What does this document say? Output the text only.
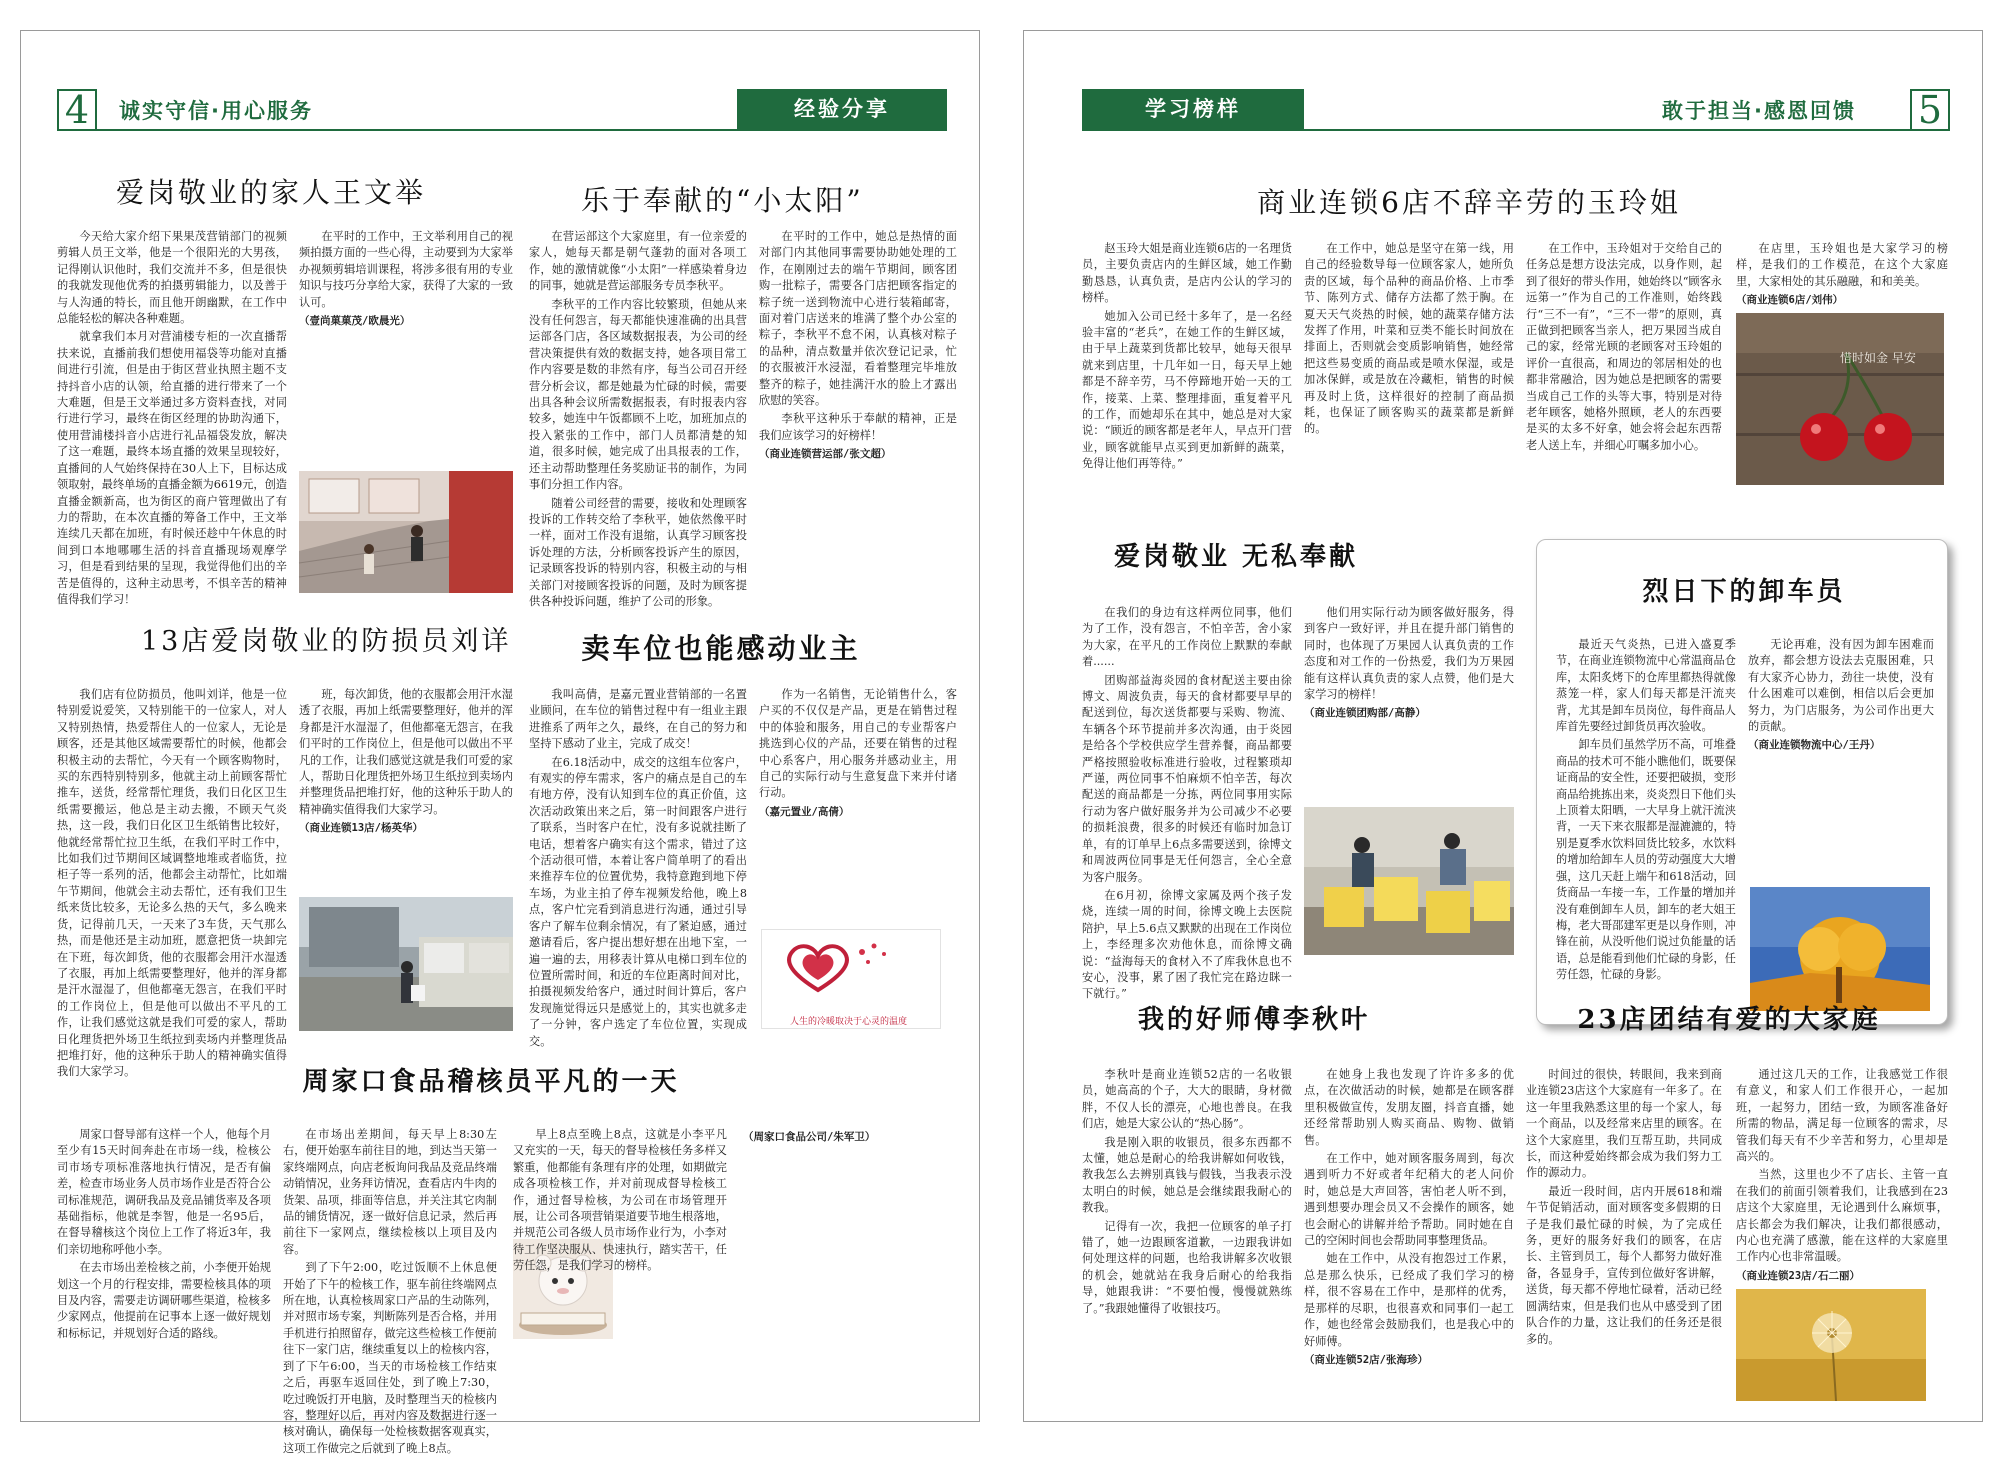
4	诚实守信·用心服务	经验分享
爱岗敬业的家人王文举

今天给大家介绍下果果茂营销部门的视频剪辑人员王文举，他是一个很阳光的大男孩，记得刚认识他时，我们交流并不多，但是很快的我就发现他优秀的拍摄剪辑能力，以及善于与人沟通的特长，而且他开朗幽默，在工作中总能轻松的解决各种难题。

就拿我们本月对营浦楼专柜的一次直播帮扶来说，直播前我们想使用福袋等功能对直播间进行引流，但是由于街区营业执照主题不支持抖音小店的认领，给直播的进行带来了一个大难题，但是王文举通过多方资料查找，对同行进行学习，最终在街区经理的协助沟通下，使用营浦楼抖音小店进行礼品福袋发放，解决了这一难题，最终本场直播的效果呈现较好，直播间的人气始终保持在30人上下，目标达成领取射，最终单场的直播金额为6619元，创造直播金额新高，也为街区的商户管理做出了有力的帮助，在本次直播的筹备工作中，王文举连续几天都在加班，有时候还趁中午休息的时间到口本地哪哪生活的抖音直播现场观摩学习，但是看到结果的呈现，我觉得他们出的辛苦是值得的，这种主动思考，不惧辛苦的精神值得我们学习！

在平时的工作中，王文举利用自己的视频拍摄方面的一些心得，主动要到为大家举办视频剪辑培训课程，将涉多很有用的专业知识与技巧分享给大家，获得了大家的一致认可。

（壹尚菓菓茂/欧晨光）
乐于奉献的“小太阳”

在营运部这个大家庭里，有一位亲爱的家人，她每天都是朝气蓬勃的面对各项工作，她的激情就像“小太阳”一样感染着身边的同事，她就是营运部服务专员李秋平。

李秋平的工作内容比较繁琐，但她从来没有任何怨言，每天都能快速准确的出具营运部各门店，各区域数据报表，为公司的经营决策提供有效的数据支持，她各项目常工作内容要是数的非然有序，每当公司召开经营分析会议，都是她最为忙碌的时候，需要出具各种会议所需数据报表，有时报表内容较多，她连中午饭都顾不上吃，加班加点的投入紧张的工作中，部门人员都清楚的知道，很多时候，她完成了出具报表的工作，还主动帮助整理任务奖励证书的制作，为同事们分担工作内容。

随着公司经营的需要，接收和处理顾客投诉的工作转交给了李秋平，她依然像平时一样，面对工作没有退缩，认真学习顾客投诉处理的方法，分析顾客投诉产生的原因，记录顾客投诉的特别内容，积极主动的与相关部门对接顾客投诉的问题，及时为顾客提供各种投诉问题，维护了公司的形象。

在平时的工作中，她总是热情的面对部门内其他同事需要协助她处理的工作，在刚刚过去的端午节期间，顾客团购一批粽子，需要各门店把顾客指定的粽子统一送到物流中心进行装箱邮寄，面对着门店送来的堆满了整个办公室的粽子，李秋平不怠不闲，认真核对粽子的品种，清点数量并依次登记记录，忙的衣服被汗水浸湿，看着整理完毕堆放整齐的粽子，她挂满汗水的脸上才露出欣慰的笑容。

李秋平这种乐于奉献的精神，正是我们应该学习的好榜样！

（商业连锁营运部/张文超）
13店爱岗敬业的防损员刘详

我们店有位防损员，他叫刘详，他是一位特别爱说爱笑，又特别能干的一位家人，对人又特别热情，热爱帮住人的一位家人，无论是顾客，还是其他区域需要帮忙的时候，他都会积极主动的去帮忙，今天有一个顾客购物时，买的东西特别特别多，他就主动上前顾客帮忙推车，送货，经常帮忙理货，我们日化区卫生纸需要搬运，他总是主动去搬，不顾天气炎热，这一段，我们日化区卫生纸销售比较好，他就经常帮忙拉卫生纸，在我们平时工作中，比如我们过节期间区域调整地堆或者临货，拉柜子等一系列的活，他都会主动帮忙，比如端午节期间，他就会主动去帮忙，还有我们卫生纸来货比较多，无论多么热的天气，多么晚来货，记得前几天，一天来了3车货，天气那么热，而是他还是主动加班，愿意把货一块卸完在下班，每次卸货，他的衣服都会用汗水湿透了衣服，再加上纸需要整理好，他并的浑身都是汗水湿湿了，但他都毫无怨言，在我们平时的工作岗位上，但是他可以做出不平凡的工作，让我们感觉这就是我们可爱的家人，帮助日化理货把外场卫生纸拉到卖场内并整理货品把堆打好，他的这种乐于助人的精神确实值得我们大家学习。

班，每次卸货，他的衣服都会用汗水湿透了衣服，再加上纸需要整理好，他并的浑身都是汗水湿湿了，但他都毫无怨言，在我们平时的工作岗位上，但是他可以做出不平凡的工作，让我们感觉这就是我们可爱的家人，帮助日化理货把外场卫生纸拉到卖场内并整理货品把堆打好，他的这种乐于助人的精神确实值得我们大家学习。

（商业连锁13店/杨英华）
卖车位也能感动业主

我叫高倩，是嘉元置业营销部的一名置业顾问，在车位的销售过程中有一组业主跟进推系了两年之久，最终，在自己的努力和坚持下感动了业主，完成了成交！

在6.18活动中，成交的这组车位客户，有观实的停车需求，客户的痛点是自己的车有地方停，没有认知到车位的真正价值，这次活动政策出来之后，第一时间跟客户进行了联系，当时客户在忙，没有多说就挂断了电话，想着客户确实有这个需求，错过了这个活动很可惜，本着让客户简单明了的看出来推荐车位的位置优势，我特意跑到地下停车场，为业主拍了停车视频发给他，晚上8点，客户忙完看到消息进行沟通，通过引导客户了解车位剩余情况，有了紧迫感，通过邀请看后，客户提出想好想在出地下室，一遍一遍的去，用移表计算从电梯口到车位的位置所需时间，和近的车位距离时间对比，拍摄视频发给客户，通过时间计算后，客户发现施觉得远只是感觉上的，其实也就多走了一分钟，客户选定了车位位置，实现成交。

作为一名销售，无论销售什么，客户买的不仅仅是产品，更是在销售过程中的体验和服务，用自己的专业帮客户挑选到心仪的产品，还要在销售的过程中心系客户，用心服务并感动业主，用自己的实际行动与生意复盘下来并付诸行动。

（嘉元置业/高倩）
人生的冷暖取决于心灵的温度
周家口食品稽核员平凡的一天

周家口督导部有这样一个人，他每个月至少有15天时间奔赴在市场一线，检核公司市场专项标准落地执行情况，是否有偏差，检查市场业务人员市场作业是否符合公司标准规范，调研我品及竞品铺货率及各项基础指标，他就是李智，他是一名95后，在督导稽核这个岗位上工作了将近3年，我们亲切地称呼他小李。

在去市场出差检核之前，小李便开始规划这一个月的行程安排，需要检核具体的项目及内容，需要走访调研哪些渠道，检核多少家网点，他提前在记事本上逐一做好规划和标标记，并规划好合适的路线。

在市场出差期间，每天早上8:30左右，便开始驱车前往目的地，到达当天第一家终端网点，向店老板询问我品及竞品终端动销情况，业务拜访情况，查看店内牛肉的货架、品项，排面等信息，并关注其它肉制品的铺货情况，逐一做好信息记录，然后再前往下一家网点，继续检核以上项目及内容。

到了下午2:00，吃过饭顺不上休息便开始了下午的检核工作，驱车前往终端网点所在地，认真检核周家口产品的生动陈列，并对照市场专案，判断陈列是否合格，并用手机进行拍照留存，做完这些检核工作便前往下一家门店，继续重复以上的检核内容，到了下午6:00，当天的市场检核工作结束之后，再驱车返回住处，到了晚上7:30，吃过晚饭打开电脑，及时整理当天的检核内容，整理好以后，再对内容及数据进行逐一核对确认，确保每一处检核数据客观真实，这项工作做完之后就到了晚上8点。

早上8点至晚上8点，这就是小李平凡又充实的一天，每天的督导检核任务多样又繁重，他都能有条理有序的处理，如期做完成各项检核工作，并对前现成督导检核工作，通过督导检核，为公司在市场管理开展，让公司各项营销渠道要节地生根落地，并规范公司各级人员市场作业行为，小李对待工作坚决服从、快速执行，踏实苦干，任劳任怨，是我们学习的榜样。

（周家口食品公司/朱军卫）
学习榜样	敢于担当·感恩回馈 5
商业连锁6店不辞辛劳的玉玲姐

赵玉玲大姐是商业连锁6店的一名理货员，主要负责店内的生鲜区域，她工作勤勤恳恳，认真负责，是店内公认的学习的榜样。

她加入公司已经十多年了，是一名经验丰富的“老兵”，在她工作的生鲜区域，由于早上蔬菜到货都比较早，她每天很早就来到店里，十几年如一日，每天早上她都是不辞辛劳，马不停蹄地开始一天的工作，接菜、上菜、整理排面，重复着平凡的工作，而她却乐在其中，她总是对大家说：“顾近的顾客都是老年人，早点开门营业，顾客就能早点买到更加新鲜的蔬菜，免得让他们再等待。”

在工作中，她总是坚守在第一线，用自己的经验数导每一位顾客家人，她所负责的区域，每个品种的商品价格、上市季节、陈列方式、储存方法都了然于胸。在夏天天气炎热的时候，她的蔬菜存储方法发挥了作用，叶菜和豆类不能长时间放在排面上，否则就会变质影响销售，她经常把这些易变质的商品或是喷水保湿，或是加冰保鲜，或是放在冷藏柜，销售的时候再及时上货，这样很好的控制了商品损耗，也保证了顾客购买的蔬菜都是新鲜的。

在工作中，玉玲姐对于交给自己的任务总是想方设法完成，以身作则，起到了很好的带头作用，她始终以“顾客永远第一”作为自己的工作准则，始终践行“三不一有”，“三不一带”的原则，真正做到把顾客当亲人，把万果园当成自己的家，经常光顾的老顾客对玉玲姐的评价一直很高，和周边的邻居相处的也都非常融洽，因为她总是把顾客的需要当成自己工作的头等大事，特别是对待老年顾客，她格外照顾，老人的东西要是买的太多不好拿，她会将会起东西帮老人送上车，并细心叮嘱多加小心。

在店里，玉玲姐也是大家学习的榜样，是我们的工作模范，在这个大家庭里，大家相处的其乐融融，和和美美。

（商业连锁6店/刘伟）
惜时如金 早安
爱岗敬业 无私奉献

在我们的身边有这样两位同事，他们为了工作，没有怨言，不怕辛苦，舍小家为大家，在平凡的工作岗位上默默的奉献着......

团购部益海炎园的食材配送主要由徐博文、周波负责，每天的食材都要早早的配送到位，每次送货都要与采购、物流、车辆各个环节提前并多次沟通，由于炎园是给各个学校供应学生营养餐，商品都要严格按照验收标准进行验收，过程繁琐却严谨，两位同事不怕麻烦不怕辛苦，每次配送的商品都是一分拣，两位同事用实际行动为客户做好服务并为公司减少不必要的损耗浪费，很多的时候还有临时加急订单，有的订单早上6点多需要送到，徐博文和周波两位同事是无任何怨言，全心全意为客户服务。

在6月初，徐博文家属及两个孩子发烧，连续一周的时间，徐博文晚上去医院陪护，早上5.6点又默默的出现在工作岗位上，李经理多次劝他休息，而徐博文确说：“益海每天的食材入不了库我休息也不安心，没事，累了困了我忙完在路边眯一下就行。”

他们用实际行动为顾客做好服务，得到客户一致好评，并且在提升部门销售的同时，也体现了万果园人认真负责的工作态度和对工作的一份热爱，我们为万果园能有这样认真负责的家人点赞，他们是大家学习的榜样！

（商业连锁团购部/高静）
烈日下的卸车员

最近天气炎热，已进入盛夏季节，在商业连锁物流中心常温商品仓库，太阳炙烤下的仓库里都热得就像蒸笼一样，家人们每天都是汗流夹背，尤其是卸车员岗位，每件商品人库首先要经过卸货员再次验收。

卸车员们虽然学历不高，可堆叠商品的技术可不能小瞧他们，既要保证商品的安全性，还要把破损，变形商品给挑拣出来，炎炎烈日下他们头上顶着太阳晒，一大早身上就汗流浃背，一天下来衣服都是湿漉漉的，特别是夏季水饮料回货比较多，水饮料的增加给卸车人员的劳动强度大大增强，这几天赶上端午和618活动，回货商品一车接一车，工作量的增加并没有难倒卸车人员，卸车的老大姐王梅，老大哥邵建军更是以身作则，冲锋在前，从没听他们说过负能量的话语，总是能看到他们忙碌的身影，任劳任怨，忙碌的身影。

无论再难，没有因为卸车困难而放弃，都会想方设法去克服困难，只有大家齐心协力，劲往一块使，没有什么困难可以难倒，相信以后会更加努力，为门店服务，为公司作出更大的贡献。

（商业连锁物流中心/王丹）
我的好师傅李秋叶

李秋叶是商业连锁52店的一名收银员，她高高的个子，大大的眼睛，身材微胖，不仅人长的漂亮，心地也善良。在我们店，她是大家公认的“热心肠”。

我是刚入职的收银员，很多东西都不太懂，她总是耐心的给我讲解如何收钱，教我怎么去辨别真钱与假钱，当我表示没太明白的时候，她总是会继续跟我耐心的教我。

记得有一次，我把一位顾客的单子打错了，她一边跟顾客道歉，一边跟我讲如何处理这样的问题，也给我讲解多次收银的机会，她就站在我身后耐心的给我指导，她跟我讲：“不要怕慢，慢慢就熟练了。”我跟她懂得了收银技巧。

在她身上我也发现了许许多多的优点，在次做活动的时候，她都是在顾客群里积极做宣传，发朋友圈，抖音直播，她还经常帮助别人购买商品、购物、做销售。

在工作中，她对顾客服务周到，每次遇到听力不好或者年纪稍大的老人问价时，她总是大声回答，害怕老人听不到，遇到想要办理会员又不会操作的顾客，她也会耐心的讲解并给予帮助。同时她在自己的空闲时间也会帮助同事整理货品。

她在工作中，从没有抱怨过工作累，总是那么快乐，已经成了我们学习的榜样，很不容易在工作中，是那样的优秀，是那样的尽职，也很喜欢和同事们一起工作，她也经常会鼓励我们，也是我心中的好师傅。

（商业连锁52店/张海珍）
23店团结有爱的大家庭

时间过的很快，转眼间，我来到商业连锁23店这个大家庭有一年多了。在这一年里我熟悉这里的每一个家人，每一个商品，以及经常来店里的顾客。在这个大家庭里，我们互帮互助，共同成长，而这种爱始终都会成为我们努力工作的源动力。

最近一段时间，店内开展618和端午节促销活动，面对顾客变多假期的日子是我们最忙碌的时候，为了完成任务，更好的服务好我们的顾客，在店长、主管到员工，每个人都努力做好准备，各显身手，宣传到位做好客讲解，送货，每天都不停地忙碌着，活动已经圆满结束，但是我们也从中感受到了团队合作的力量，这让我们的任务还是很多的。

通过这几天的工作，让我感觉工作很有意义，和家人们工作很开心，一起加班，一起努力，团结一致，为顾客准备好所需的物品，满足每一位顾客的需求，尽管我们每天有不少辛苦和努力，心里却是高兴的。

当然，这里也少不了店长、主管一直在我们的前面引领着我们，让我感到在23店这个大家庭里，无论遇到什么麻烦事，店长都会为我们解决，让我们都很感动，内心也充满了感激，能在这样的大家庭里工作内心也非常温暖。

（商业连锁23店/石二丽）
